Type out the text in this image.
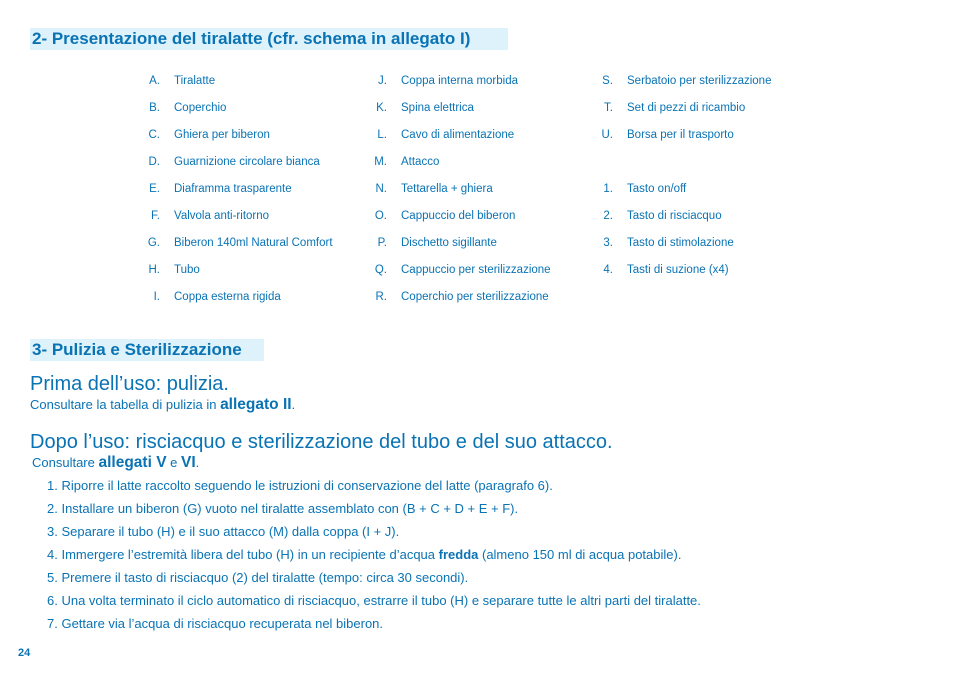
2- Presentazione del tiralatte (cfr. schema in allegato I)
A. Tiralatte
B. Coperchio
C. Ghiera per biberon
D. Guarnizione circolare bianca
E. Diaframma trasparente
F. Valvola anti-ritorno
G. Biberon 140ml Natural Comfort
H. Tubo
I. Coppa esterna rigida
J. Coppa interna morbida
K. Spina elettrica
L. Cavo di alimentazione
M. Attacco
N. Tettarella + ghiera
O. Cappuccio del biberon
P. Dischetto sigillante
Q. Cappuccio per sterilizzazione
R. Coperchio per sterilizzazione
S. Serbatoio per sterilizzazione
T. Set di pezzi di ricambio
U. Borsa per il trasporto
1. Tasto on/off
2. Tasto di risciacquo
3. Tasto di stimolazione
4. Tasti di suzione (x4)
3- Pulizia e Sterilizzazione
Prima dell’uso: pulizia.
Consultare la tabella di pulizia in allegato II.
Dopo l’uso: risciacquo e sterilizzazione del tubo e del suo attacco.
Consultare allegati V e VI.
1. Riporre il latte raccolto seguendo le istruzioni di conservazione del latte (paragrafo 6).
2. Installare un biberon (G) vuoto nel tiralatte assemblato con (B + C + D + E + F).
3. Separare il tubo (H) e il suo attacco (M) dalla coppa (I + J).
4. Immergere l’estremità libera del tubo (H) in un recipiente d’acqua fredda (almeno 150 ml di acqua potabile).
5. Premere il tasto di risciacquo (2) del tiralatte (tempo: circa 30 secondi).
6. Una volta terminato il ciclo automatico di risciacquo, estrarre il tubo (H) e separare tutte le altri parti del tiralatte.
7. Gettare via l’acqua di risciacquo recuperata nel biberon.
24
